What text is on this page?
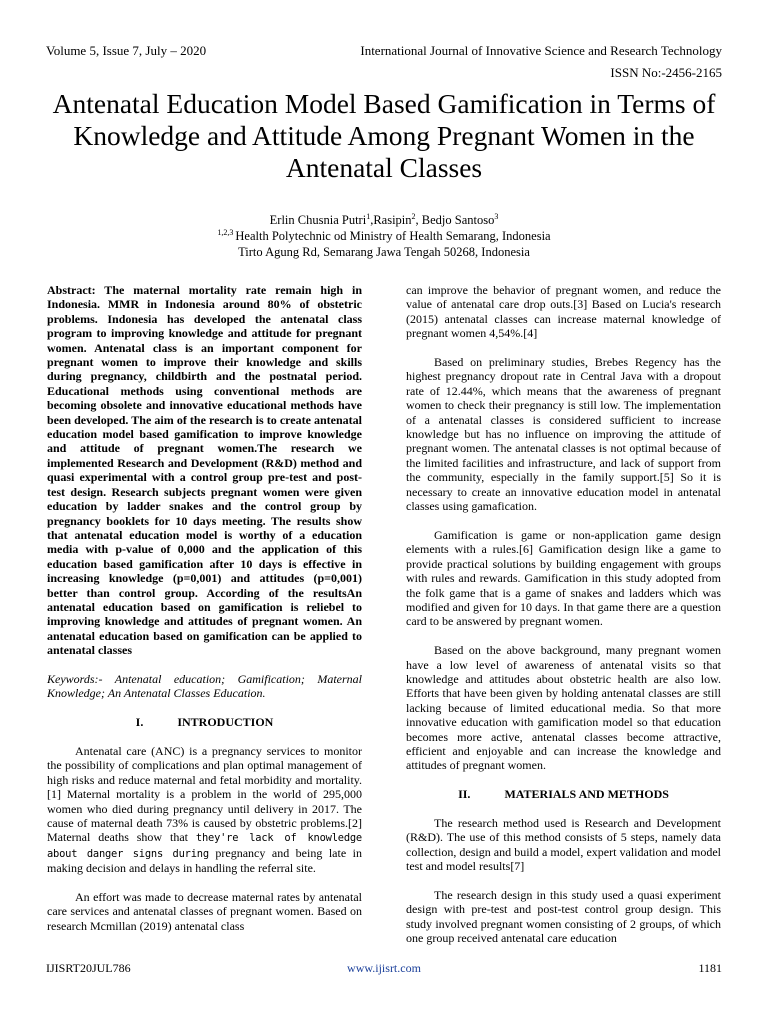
Volume 5, Issue 7, July – 2020	International Journal of Innovative Science and Research Technology
ISSN No:-2456-2165
Antenatal Education Model Based Gamification in Terms of Knowledge and Attitude Among Pregnant Women in the Antenatal Classes
Erlin Chusnia Putri$^1$,Rasipin$^2$, Bedjo Santoso$^3$
$^{1,2,3}$ Health Polytechnic od Ministry of Health Semarang, Indonesia
Tirto Agung Rd, Semarang Jawa Tengah 50268, Indonesia

Abstract: The maternal mortality rate remain high in Indonesia. MMR in Indonesia around 80% of obstetric problems. Indonesia has developed the antenatal class program to improving knowledge and attitude for pregnant women. Antenatal class is an important component for pregnant women to improve their knowledge and skills during pregnancy, childbirth and the postnatal period. Educational methods using conventional methods are becoming obsolete and innovative educational methods have been developed. The aim of the research is to create antenatal education model based gamification to improve knowledge and attitude of pregnant women.The research we implemented Research and Development (R&D) method and quasi experimental with a control group pre-test and post-test design. Research subjects pregnant women were given education by ladder snakes and the control group by pregnancy booklets for 10 days meeting. The results show that antenatal education model is worthy of a education media with p-value of 0,000 and the application of this education based gamification after 10 days is effective in increasing knowledge (p=0,001) and attitudes (p=0,001) better than control group. According of the resultsAn antenatal education based on gamification is reliebel to improving knowledge and attitudes of pregnant women. An antenatal education based on gamification can be applied to antenatal classes

Keywords:- Antenatal education; Gamification; Maternal Knowledge; An Antenatal Classes Education.

I.	INTRODUCTION

Antenatal care (ANC) is a pregnancy services to monitor the possibility of complications and plan optimal management of high risks and reduce maternal and fetal morbidity and mortality.[1] Maternal mortality is a problem in the world of 295,000 women who died during pregnancy until delivery in 2017. The cause of maternal death 73% is caused by obstetric problems.[2] Maternal deaths show that they're lack of knowledge about danger signs during pregnancy and being late in making decision and delays in handling the referral site.

An effort was made to decrease maternal rates by antenatal care services and antenatal classes of pregnant women. Based on research Mcmillan (2019) antenatal class

can improve the behavior of pregnant women, and reduce the value of antenatal care drop outs.[3] Based on Lucia's research (2015) antenatal classes can increase maternal knowledge of pregnant women 4,54%.[4]

Based on preliminary studies, Brebes Regency has the highest pregnancy dropout rate in Central Java with a dropout rate of 12.44%, which means that the awareness of pregnant women to check their pregnancy is still low. The implementation of a antenatal classes is considered sufficient to increase knowledge but has no influence on improving the attitude of pregnant women. The antenatal classes is not optimal because of the limited facilities and infrastructure, and lack of support from the community, especially in the family support.[5] So it is necessary to create an innovative education model in antenatal classes using gamafication.

Gamification is game or non-application game design elements with a rules.[6] Gamification design like a game to provide practical solutions by building engagement with groups with rules and rewards. Gamification in this study adopted from the folk game that is a game of snakes and ladders which was modified and given for 10 days. In that game there are a question card to be answered by pregnant women.

Based on the above background, many pregnant women have a low level of awareness of antenatal visits so that knowledge and attitudes about obstetric health are also low. Efforts that have been given by holding antenatal classes are still lacking because of limited educational media. So that more innovative education with gamification model so that education becomes more active, antenatal classes become attractive, efficient and enjoyable and can increase the knowledge and attitudes of pregnant women.

II.	MATERIALS AND METHODS

The research method used is Research and Development (R&D). The use of this method consists of 5 steps, namely data collection, design and build a model, expert validation and model test and model results[7]

The research design in this study used a quasi experiment design with pre-test and post-test control group design. This study involved pregnant women consisting of 2 groups, of which one group received antenatal care education

IJISRT20JUL786	www.ijisrt.com	1181
